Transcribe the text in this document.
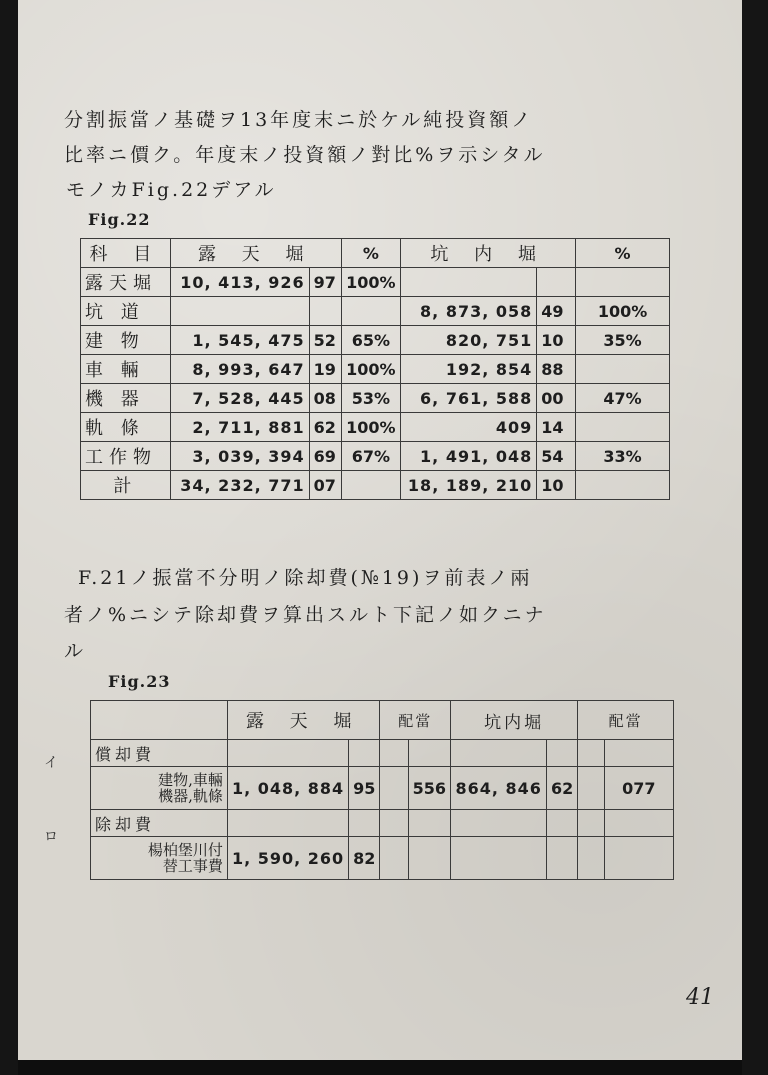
分割振當ノ基礎ヲ13年度末ニ於ケル純投資額ノ
比率ニ價ク。年度末ノ投資額ノ對比%ヲ示シタル
モノカFig.22デアル
Fig.22
科 目	露 天 堀		%	坑 内 堀		%
露天堀	10, 413, 926	97	100%			
坑 道				8, 873, 058	49	100%
建 物	1, 545, 475	52	65%	820, 751	10	35%
車 輛	8, 993, 647	19	100%	192, 854	88	
機 器	7, 528, 445	08	53%	6, 761, 588	00	47%
軌 條	2, 711, 881	62	100%	409	14	
工作物	3, 039, 394	69	67%	1, 491, 048	54	33%
計	34, 232, 771	07		18, 189, 210	10	
F.21ノ振當不分明ノ除却費(№19)ヲ前表ノ兩
者ノ%ニシテ除却費ヲ算出スルト下記ノ如クニナ
ル
Fig.23
イ
ロ
	露 天 堀		配當		坑内堀		配當	
償却費								

建物,車輛
機器,軌條	1, 048, 884	95		556	864, 846	62		077
除却費								

楊柏堡川付
替工事費	1, 590, 260	82						
41
